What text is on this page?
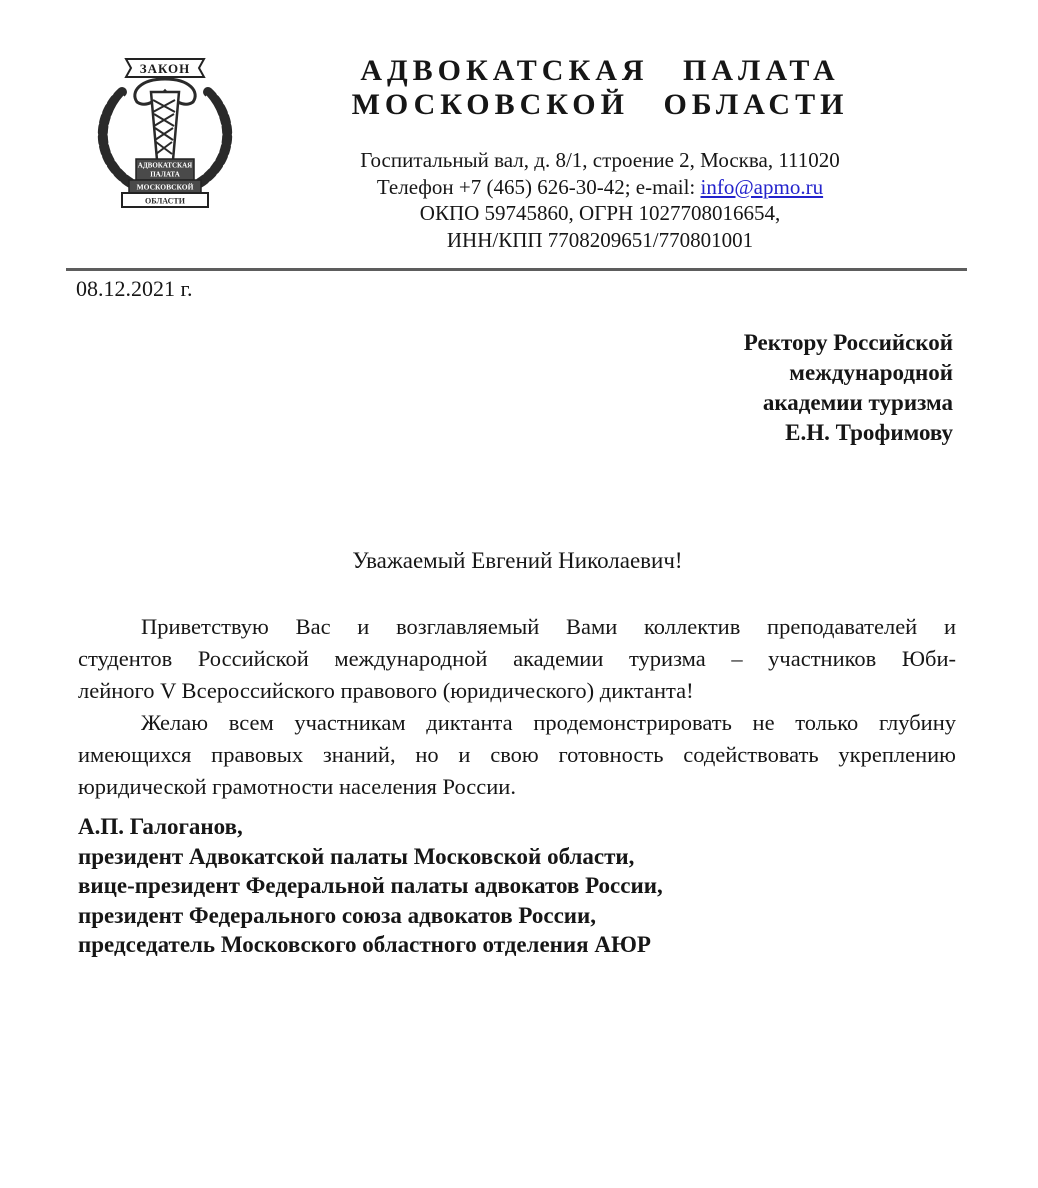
ЗАКОН
АДВОКАТСКАЯ
ПАЛАТА
МОСКОВСКОЙ
ОБЛАСТИ
АДВОКАТСКАЯ ПАЛАТА
МОСКОВСКОЙ ОБЛАСТИ
Госпитальный вал, д. 8/1, строение 2, Москва, 111020
Телефон +7 (465) 626-30-42; e-mail: info@apmo.ru
ОКПО 59745860, ОГРН 1027708016654,
ИНН/КПП 7708209651/770801001
08.12.2021 г.
Ректору Российской
международной
академии туризма
Е.Н. Трофимову
Уважаемый Евгений Николаевич!
Приветствую Вас и возглавляемый Вами коллектив преподавателей и
студентов Российской международной академии туризма – участников Юби-
лейного V Всероссийского правового (юридического) диктанта!
Желаю всем участникам диктанта продемонстрировать не только глубину
имеющихся правовых знаний, но и свою готовность содействовать укреплению
юридической грамотности населения России.
А.П. Галоганов,
президент Адвокатской палаты Московской области,
вице-президент Федеральной палаты адвокатов России,
президент Федерального союза адвокатов России,
председатель Московского областного отделения АЮР
